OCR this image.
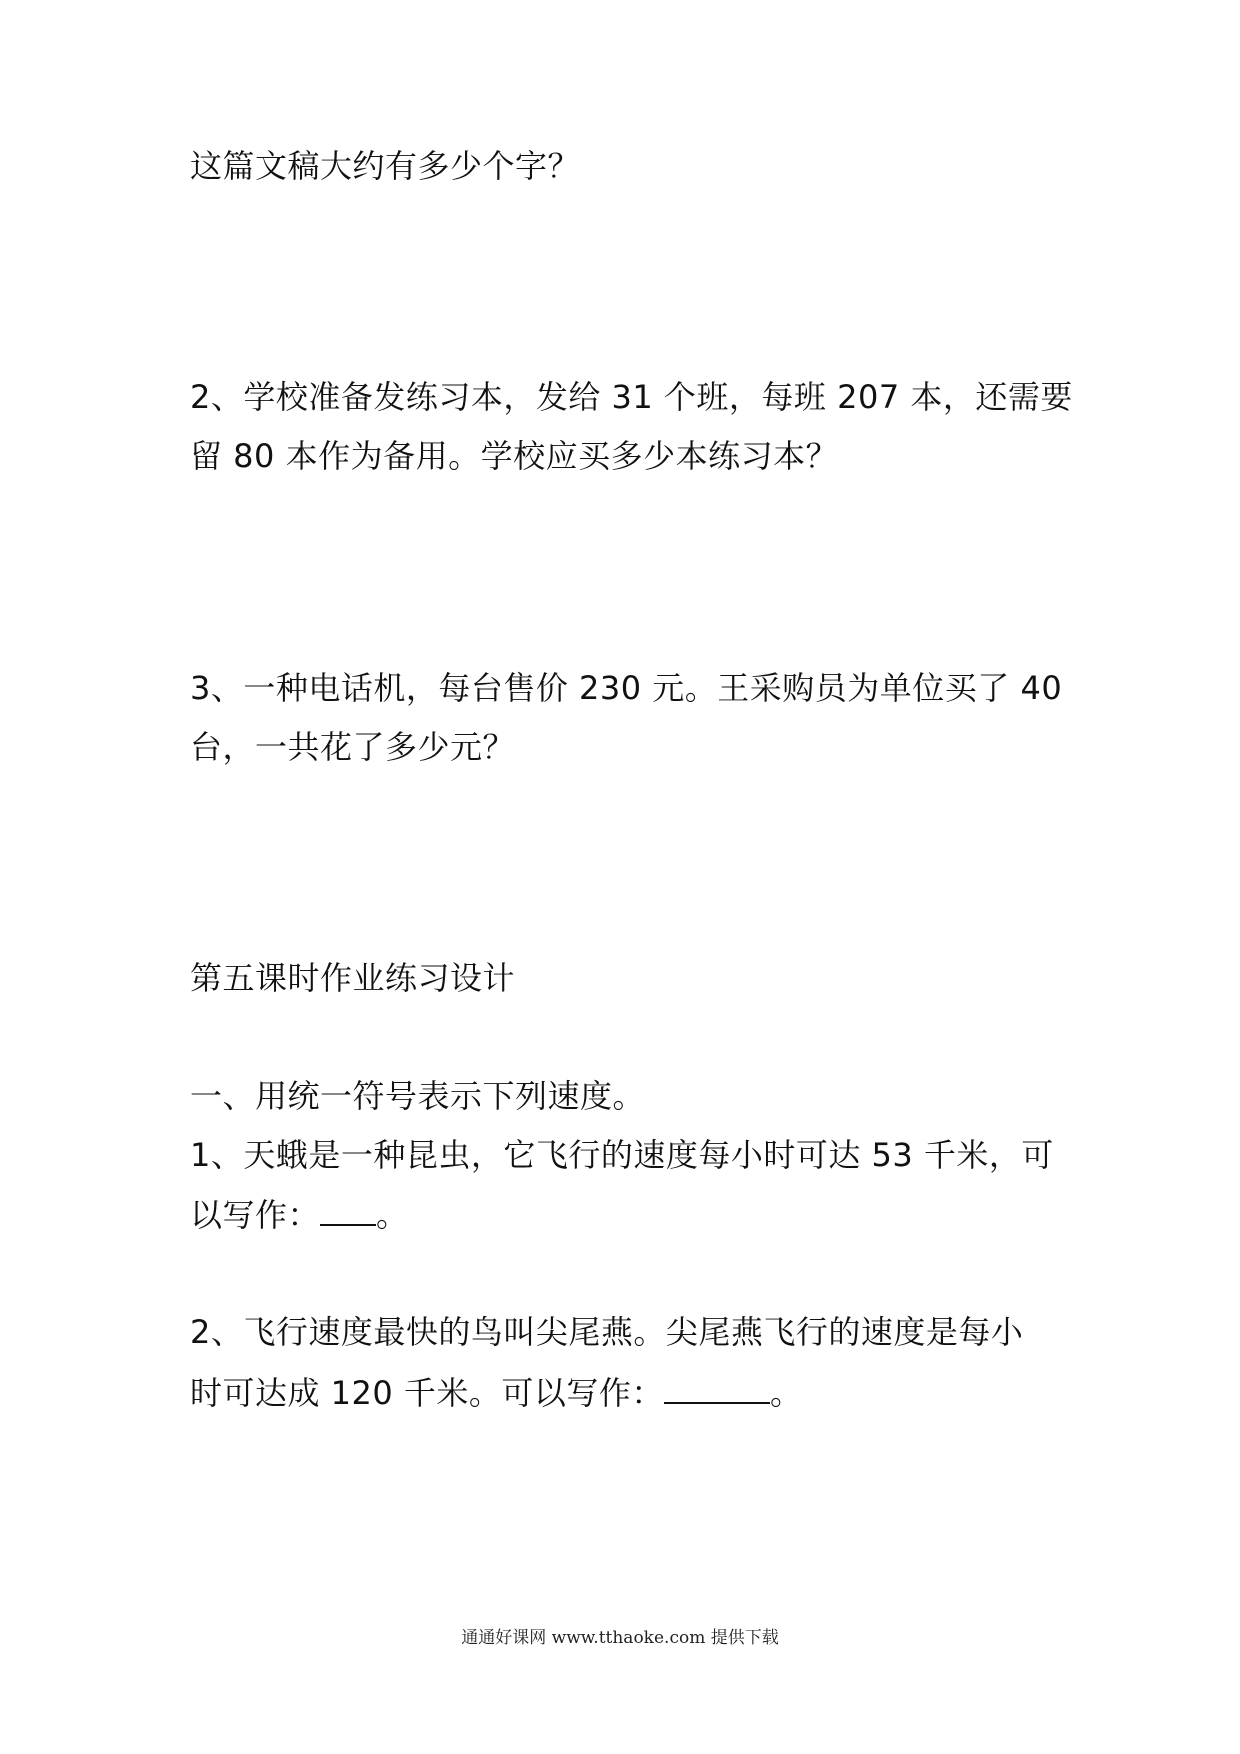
这篇文稿大约有多少个字？
2、学校准备发练习本，发给 31 个班，每班 207 本，还需要
留 80 本作为备用。学校应买多少本练习本？
3、一种电话机，每台售价 230 元。王采购员为单位买了 40
台，一共花了多少元？
第五课时作业练习设计
一、用统一符号表示下列速度。
1、天蛾是一种昆虫，它飞行的速度每小时可达 53 千米，可
以写作： 。
2、飞行速度最快的鸟叫尖尾燕。尖尾燕飞行的速度是每小
时可达成 120 千米。可以写作：	。
通通好课网 www.tthaoke.com 提供下载
